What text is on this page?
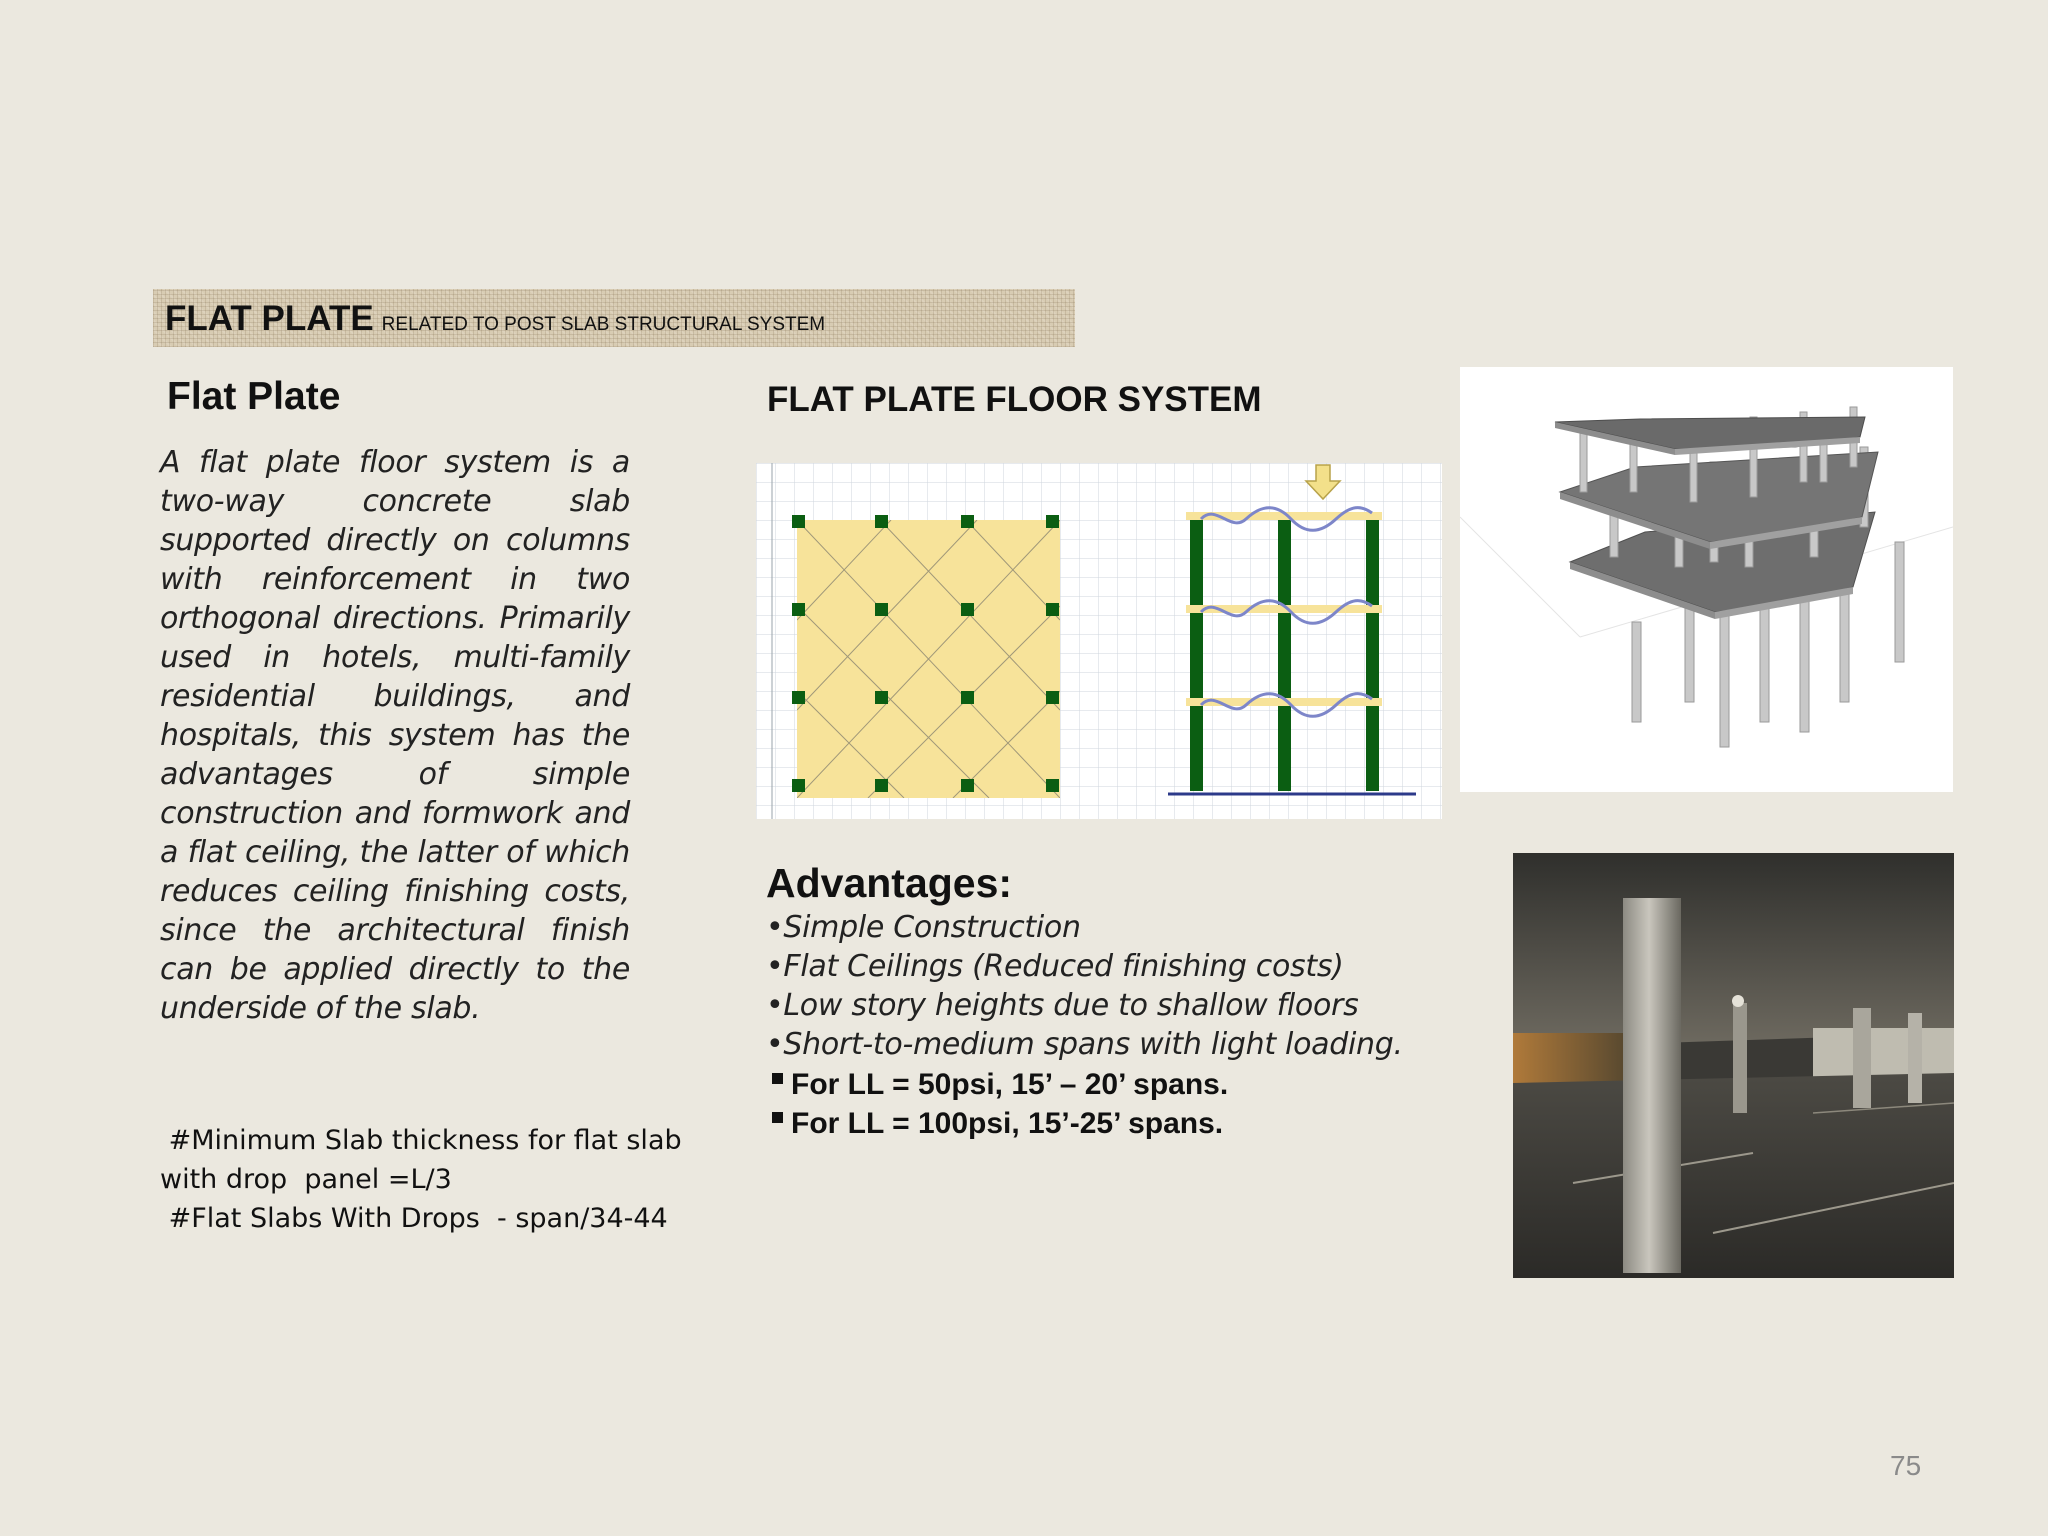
FLAT PLATE RELATED TO POST SLAB STRUCTURAL SYSTEM
Flat Plate
A flat plate floor system is a two-way concrete slab supported directly on columns with reinforcement in two orthogonal directions. Primarily used in hotels, multi-family residential buildings, and hospitals, this system has the advantages of simple construction and formwork and a flat ceiling, the latter of which reduces ceiling finishing costs, since the architectural finish can be applied directly to the underside of the slab.
#Minimum Slab thickness for flat slab
with drop  panel =L/3
#Flat Slabs With Drops  - span/34-44
FLAT PLATE FLOOR SYSTEM
Advantages:
•Simple Construction
•Flat Ceilings (Reduced finishing costs)
•Low story heights due to shallow floors
•Short-to-medium spans with light loading.
For LL = 50psi, 15’ – 20’ spans.
For LL = 100psi, 15’-25’ spans.
75
